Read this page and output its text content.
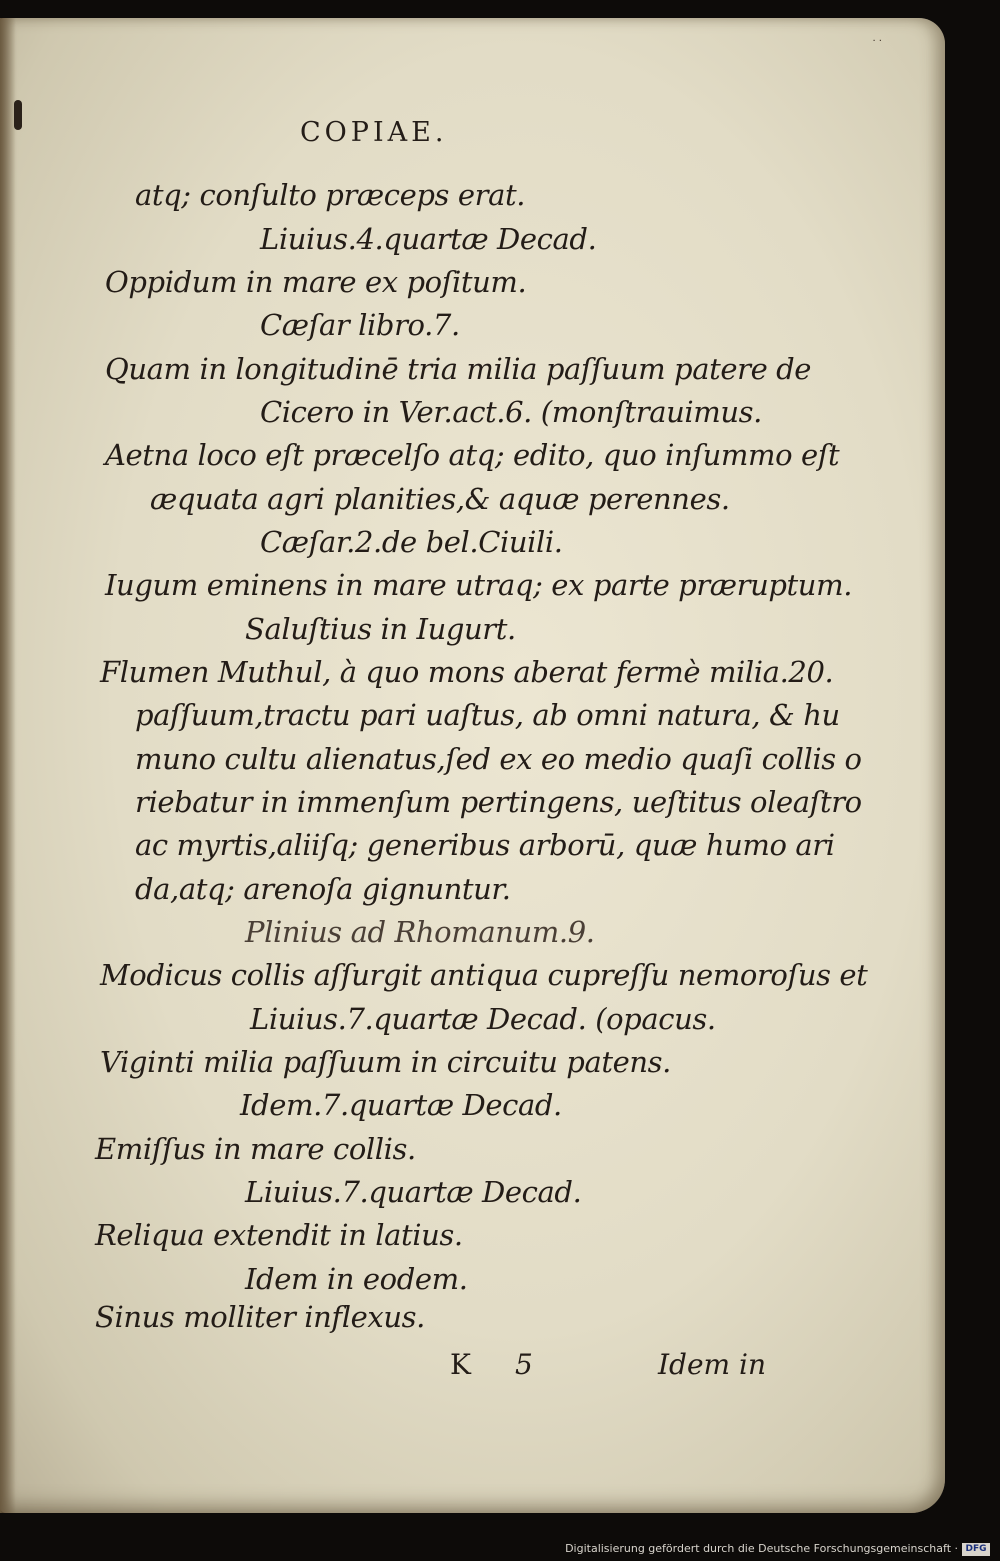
· ·
COPIAE.
atq; conſulto præceps erat.
Liuius.4.quartæ Decad.
Oppidum in mare ex poſitum.
Cæſar libro.7.
Quam in longitudinē tria milia paſſuum patere de
Cicero in Ver.act.6. (monſtrauimus.
Aetna loco eſt præcelſo atq; edito, quo inſummo eſt
æquata agri planities,& aquæ perennes.
Cæſar.2.de bel.Ciuili.
Iugum eminens in mare utraq; ex parte præruptum.
Saluſtius in Iugurt.
Flumen Muthul, à quo mons aberat fermè milia.20.
paſſuum,tractu pari uaſtus, ab omni natura, & hu
muno cultu alienatus,ſed ex eo medio quaſi collis o
riebatur in immenſum pertingens, ueſtitus oleaſtro
ac myrtis,aliiſq; generibus arborū, quæ humo ari
da,atq; arenoſa gignuntur.
Plinius ad Rhomanum.9.
Modicus collis aſſurgit antiqua cupreſſu nemoroſus et
Liuius.7.quartæ Decad. (opacus.
Viginti milia paſſuum in circuitu patens.
Idem.7.quartæ Decad.
Emiſſus in mare collis.
Liuius.7.quartæ Decad.
Reliqua extendit in latius.
Idem in eodem.
Sinus molliter inflexus.
K 5	Idem in
Digitalisierung gefördert durch die Deutsche Forschungsgemeinschaft · DFG
